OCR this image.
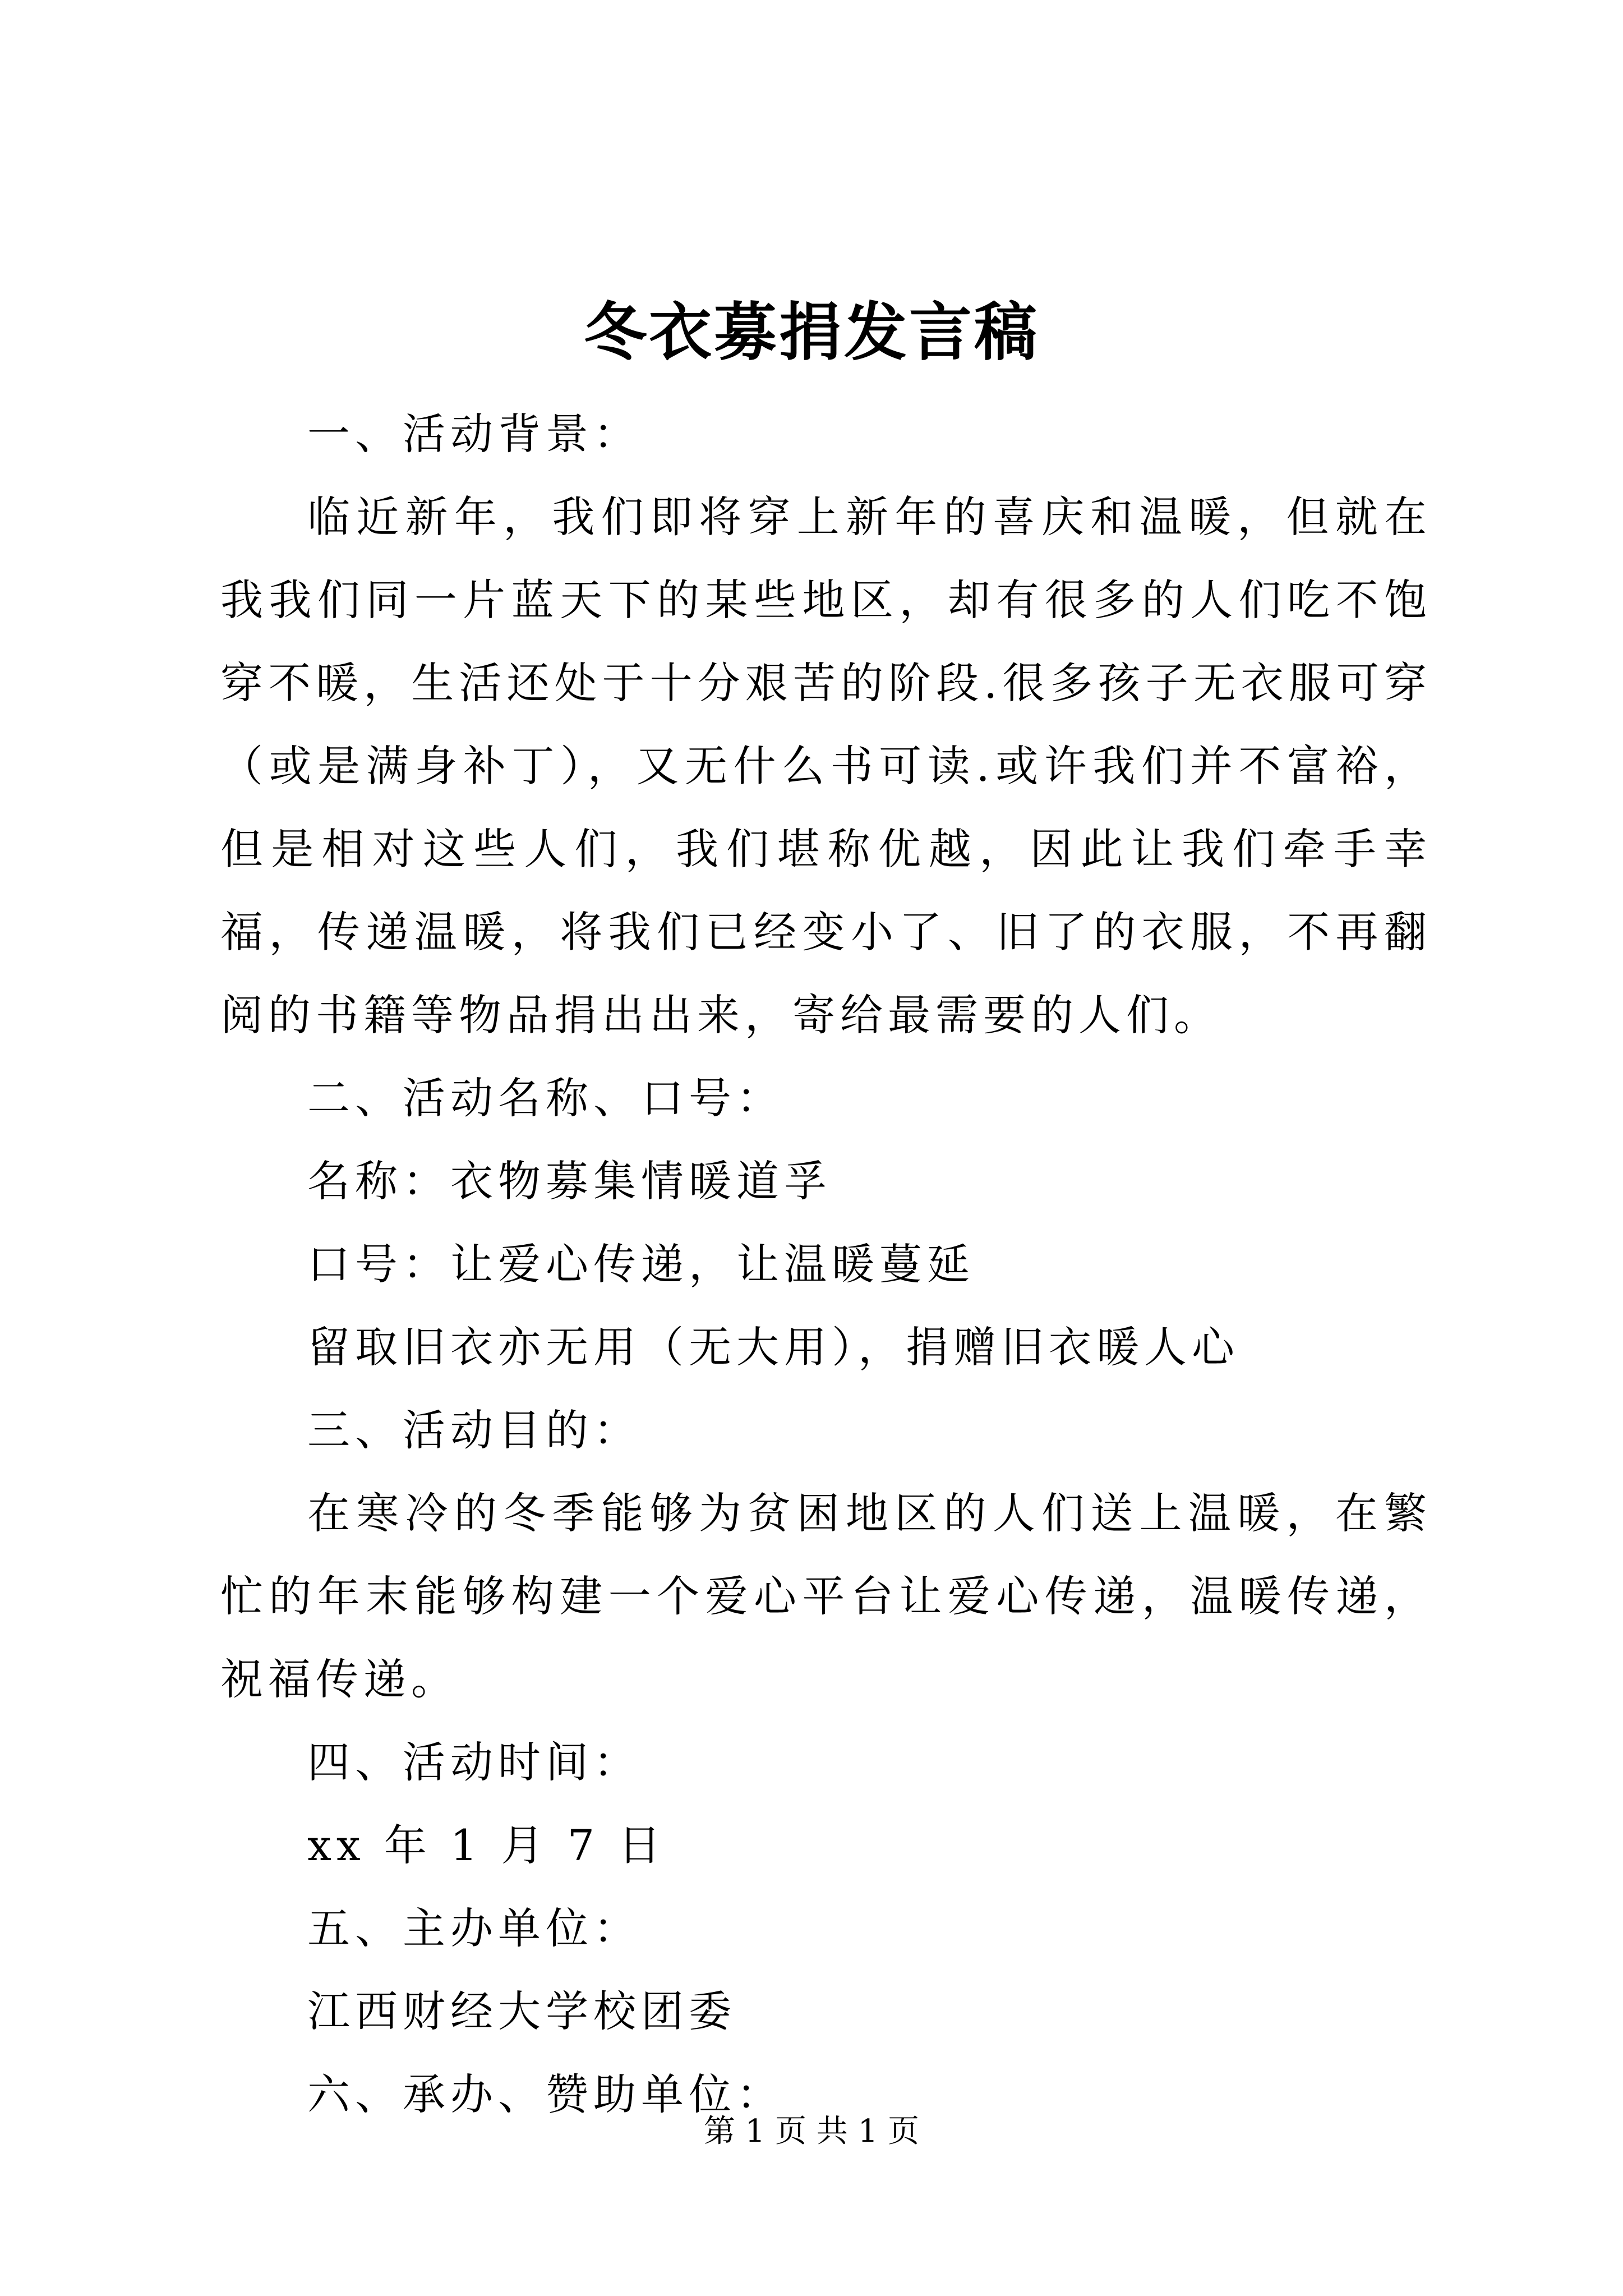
冬衣募捐发言稿
一、活动背景：

临近新年，我们即将穿上新年的喜庆和温暖，但就在我我们同一片蓝天下的某些地区，却有很多的人们吃不饱穿不暖，生活还处于十分艰苦的阶段.很多孩子无衣服可穿（或是满身补丁），又无什么书可读.或许我们并不富裕，但是相对这些人们，我们堪称优越，因此让我们牵手幸福，传递温暖，将我们已经变小了、旧了的衣服，不再翻阅的书籍等物品捐出出来，寄给最需要的人们。

二、活动名称、口号：
名称：衣物募集情暖道孚
口号：让爱心传递，让温暖蔓延
留取旧衣亦无用（无大用），捐赠旧衣暖人心
三、活动目的：

在寒冷的冬季能够为贫困地区的人们送上温暖，在繁忙的年末能够构建一个爱心平台让爱心传递，温暖传递，祝福传递。

四、活动时间：
xx 年 1 月 7 日
五、主办单位：
江西财经大学校团委
六、承办、赞助单位：
第 1 页 共 1 页
